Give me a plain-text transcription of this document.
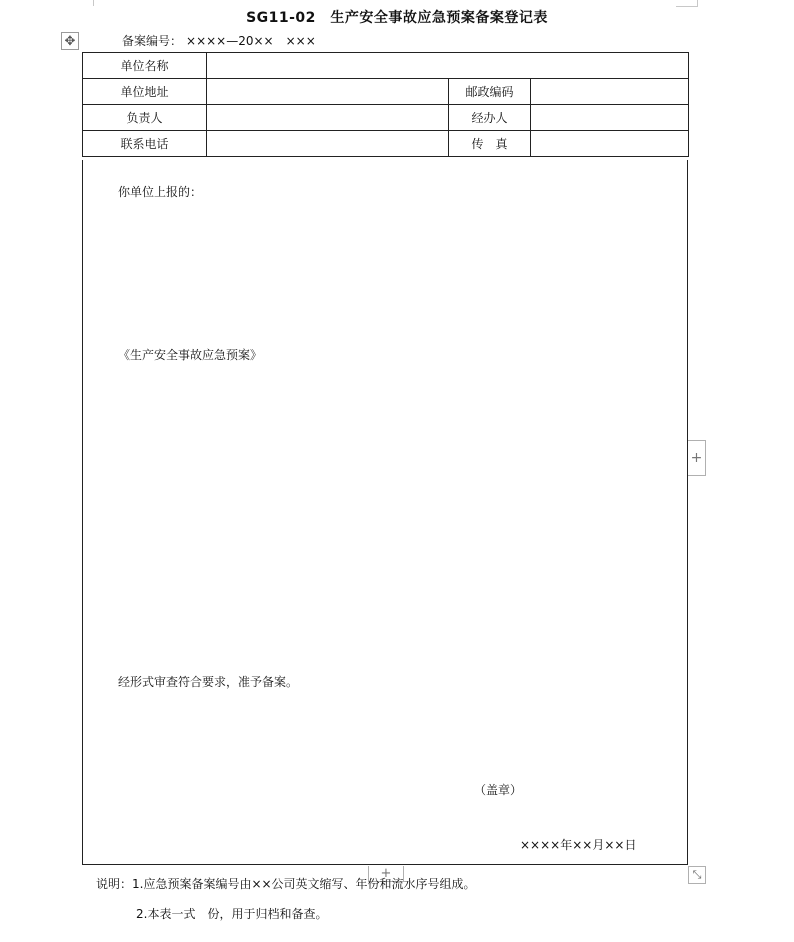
SG11-02　生产安全事故应急预案备案登记表
✥	备案编号： ××××—20××　×××
单位名称			
单位地址		邮政编码	
负责人		经办人	
联系电话		传　真	
你单位上报的：
《生产安全事故应急预案》
经形式审查符合要求，准予备案。
（盖章）
××××年××月××日
+
+	⤡
说明：1.应急预案备案编号由××公司英文缩写、年份和流水序号组成。
2.本表一式　份，用于归档和备查。
